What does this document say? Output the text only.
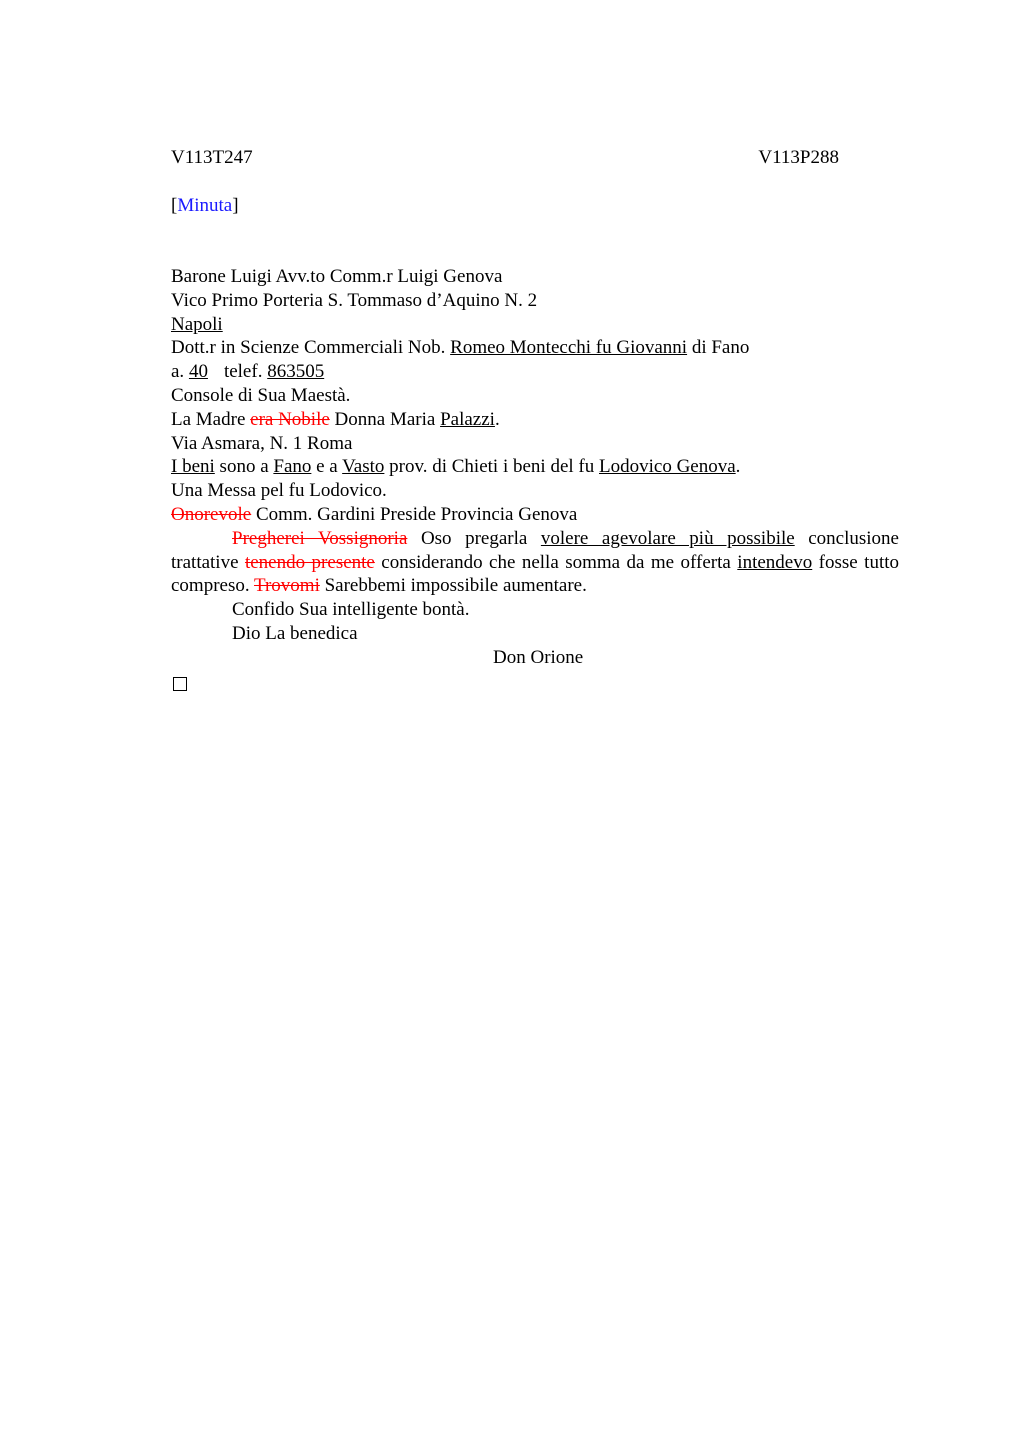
V113T247	V113P288
[Minuta]
Barone Luigi Avv.to Comm.r Luigi Genova
Vico Primo Porteria S. Tommaso d’Aquino N. 2
Napoli
Dott.r in Scienze Commerciali Nob. Romeo Montecchi fu Giovanni di Fano
a. 40 telef. 863505
Console di Sua Maestà.
La Madre era Nobile Donna Maria Palazzi.
Via Asmara, N. 1 Roma
I beni sono a Fano e a Vasto prov. di Chieti i beni del fu Lodovico Genova.
Una Messa pel fu Lodovico.
Onorevole Comm. Gardini Preside Provincia Genova
Pregherei Vossignoria Oso pregarla volere agevolare più possibile conclusione trattative tenendo presente considerando che nella somma da me offerta intendevo fosse tutto compreso. Trovomi Sarebbemi impossibile aumentare.
Confido Sua intelligente bontà.
Dio La benedica
Don Orione
